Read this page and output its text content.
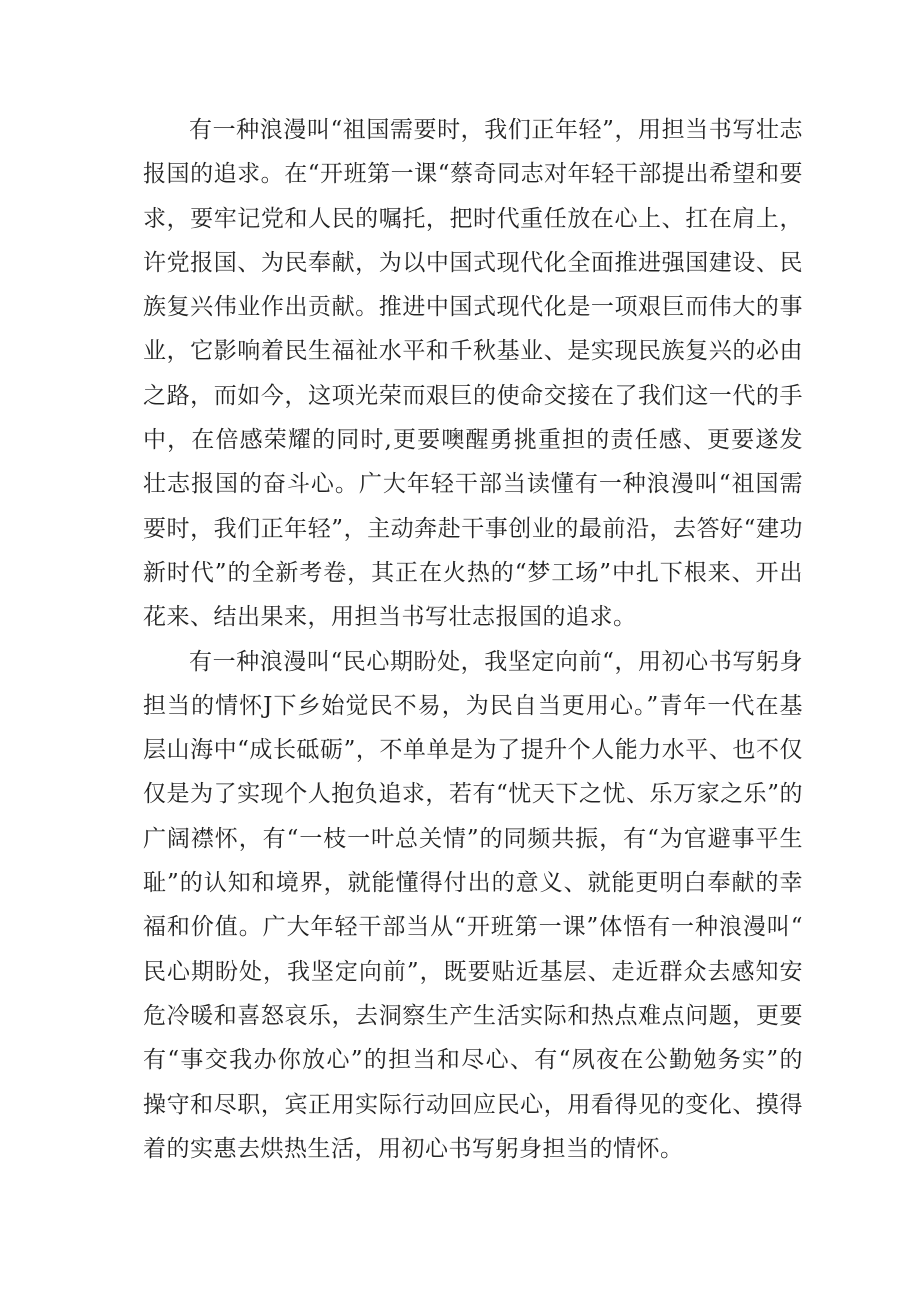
有一种浪漫叫“祖国需要时，我们正年轻”，用担当书写壮志报国的追求。在“开班第一课“蔡奇同志对年轻干部提出希望和要求，要牢记党和人民的嘱托，把时代重任放在心上、扛在肩上，许党报国、为民奉献，为以中国式现代化全面推进强国建设、民族复兴伟业作出贡献。推进中国式现代化是一项艰巨而伟大的事业，它影响着民生福祉水平和千秋基业、是实现民族复兴的必由之路，而如今，这项光荣而艰巨的使命交接在了我们这一代的手中，在倍感荣耀的同时,更要噢醒勇挑重担的责任感、更要遂发壮志报国的奋斗心。广大年轻干部当读懂有一种浪漫叫“祖国需要时，我们正年轻”，主动奔赴干事创业的最前沿，去答好“建功新时代”的全新考卷，其正在火热的“梦工场”中扎下根来、开出花来、结出果来，用担当书写壮志报国的追求。

有一种浪漫叫“民心期盼处，我坚定向前“，用初心书写躬身担当的情怀J下乡始觉民不易，为民自当更用心。”青年一代在基层山海中“成长砥砺”，不单单是为了提升个人能力水平、也不仅仅是为了实现个人抱负追求，若有“忧天下之忧、乐万家之乐”的广阔襟怀，有“一枝一叶总关情”的同频共振，有“为官避事平生耻”的认知和境界，就能懂得付出的意义、就能更明白奉献的幸福和价值。广大年轻干部当从“开班第一课”体悟有一种浪漫叫“民心期盼处，我坚定向前”，既要贴近基层、走近群众去感知安危冷暖和喜怒哀乐，去洞察生产生活实际和热点难点问题，更要有“事交我办你放心”的担当和尽心、有“夙夜在公勤勉务实”的操守和尽职，宾正用实际行动回应民心，用看得见的变化、摸得着的实惠去烘热生活，用初心书写躬身担当的情怀。
